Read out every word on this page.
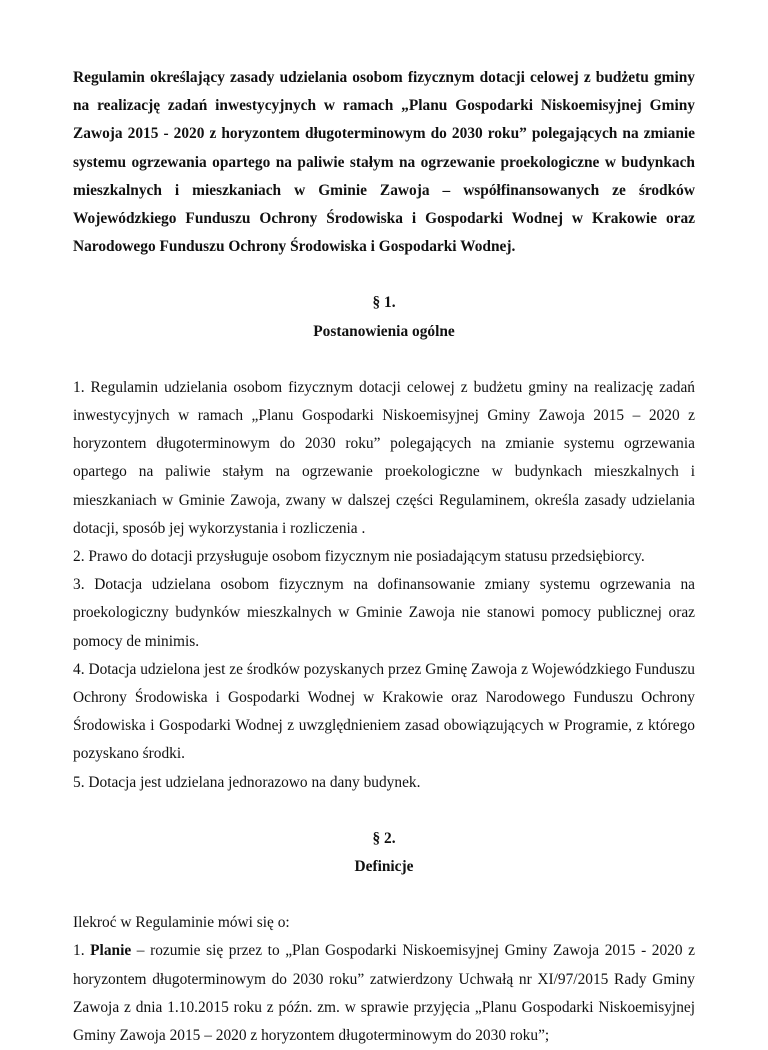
Regulamin określający zasady udzielania osobom fizycznym dotacji celowej z budżetu gminy na realizację zadań inwestycyjnych w ramach „Planu Gospodarki Niskoemisyjnej Gminy Zawoja 2015 - 2020 z horyzontem długoterminowym do 2030 roku” polegających na zmianie systemu ogrzewania opartego na paliwie stałym na ogrzewanie proekologiczne w budynkach mieszkalnych i mieszkaniach w Gminie Zawoja – współfinansowanych ze środków Wojewódzkiego Funduszu Ochrony Środowiska i Gospodarki Wodnej w Krakowie oraz Narodowego Funduszu Ochrony Środowiska i Gospodarki Wodnej.

§ 1.

Postanowienia ogólne

1. Regulamin udzielania osobom fizycznym dotacji celowej z budżetu gminy na realizację zadań inwestycyjnych w ramach „Planu Gospodarki Niskoemisyjnej Gminy Zawoja 2015 – 2020 z horyzontem długoterminowym do 2030 roku” polegających na zmianie systemu ogrzewania opartego na paliwie stałym na ogrzewanie proekologiczne w budynkach mieszkalnych i mieszkaniach w Gminie Zawoja, zwany w dalszej części Regulaminem, określa zasady udzielania dotacji, sposób jej wykorzystania i rozliczenia .

2. Prawo do dotacji przysługuje osobom fizycznym nie posiadającym statusu przedsiębiorcy.

3. Dotacja udzielana osobom fizycznym na dofinansowanie zmiany systemu ogrzewania na proekologiczny budynków mieszkalnych w Gminie Zawoja nie stanowi pomocy publicznej oraz pomocy de minimis.

4. Dotacja udzielona jest ze środków pozyskanych przez Gminę Zawoja z Wojewódzkiego Funduszu Ochrony Środowiska i Gospodarki Wodnej w Krakowie oraz Narodowego Funduszu Ochrony Środowiska i Gospodarki Wodnej z uwzględnieniem zasad obowiązujących w Programie, z którego pozyskano środki.

5. Dotacja jest udzielana jednorazowo na dany budynek.

§ 2.

Definicje

Ilekroć w Regulaminie mówi się o:

1. Planie – rozumie się przez to „Plan Gospodarki Niskoemisyjnej Gminy Zawoja 2015 - 2020 z horyzontem długoterminowym do 2030 roku” zatwierdzony Uchwałą nr XI/97/2015 Rady Gminy Zawoja z dnia 1.10.2015 roku z późn. zm. w sprawie przyjęcia „Planu Gospodarki Niskoemisyjnej Gminy Zawoja 2015 – 2020 z horyzontem długoterminowym do 2030 roku”;
